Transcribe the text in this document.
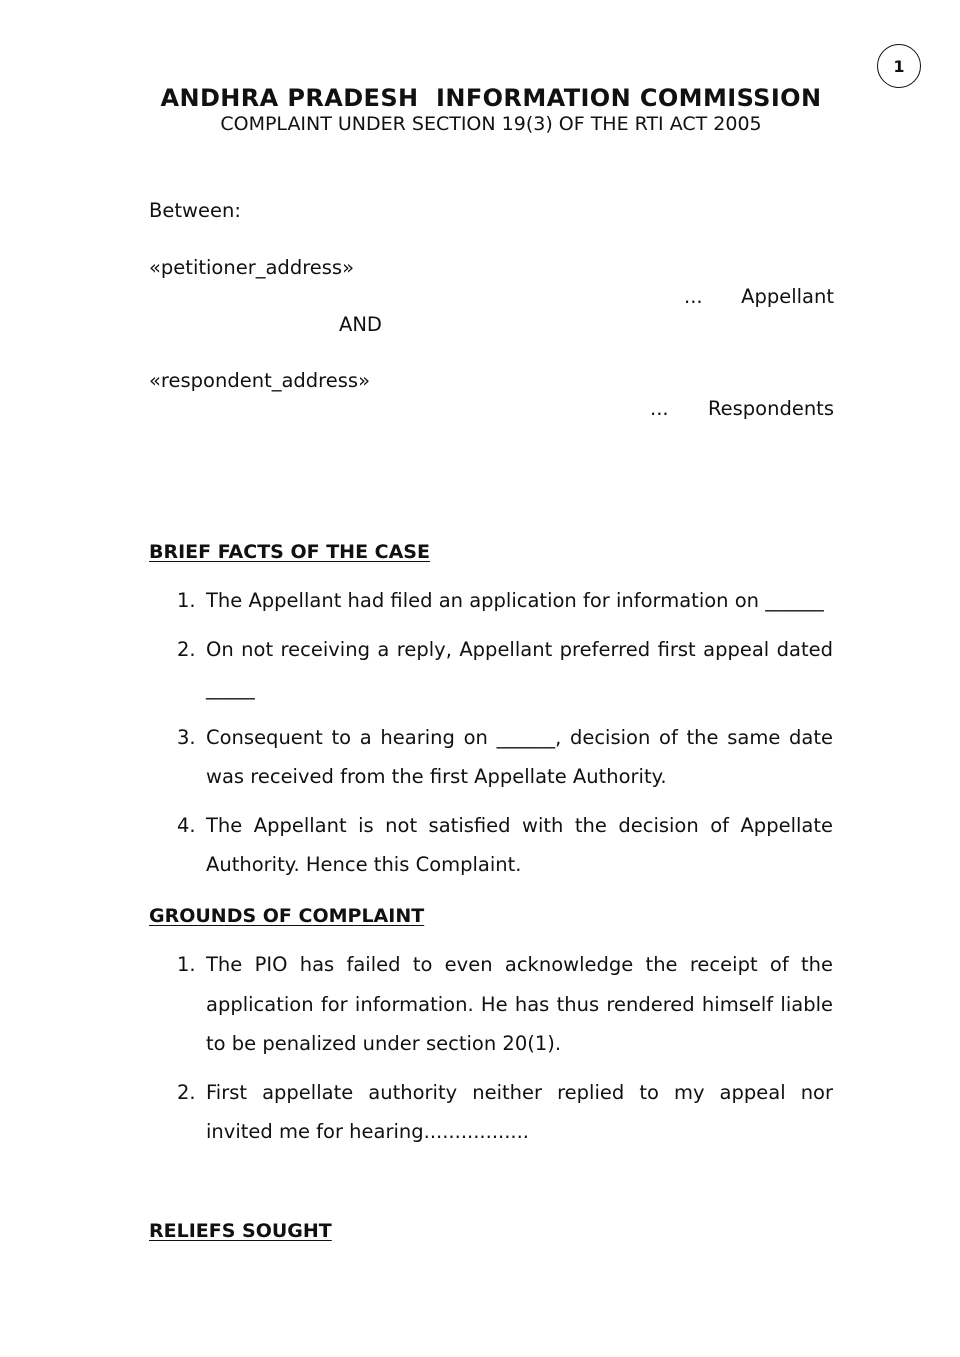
1
ANDHRA PRADESH  INFORMATION COMMISSION
COMPLAINT UNDER SECTION 19(3) OF THE RTI ACT 2005
Between:
«petitioner_address»
... Appellant
AND
«respondent_address»
... Respondents
BRIEF FACTS OF THE CASE
1. The Appellant had filed an application for information on ______
2. On not receiving a reply, Appellant preferred first appeal dated _____
3. Consequent to a hearing on ______, decision of the same date was received from the first Appellate Authority.
4. The Appellant is not satisfied with the decision of Appellate Authority. Hence this Complaint.
GROUNDS OF COMPLAINT
1. The PIO has failed to even acknowledge the receipt of the application for information. He has thus rendered himself liable to be penalized under section 20(1).
2. First appellate authority neither replied to my appeal nor invited me for hearing.................
RELIEFS SOUGHT
